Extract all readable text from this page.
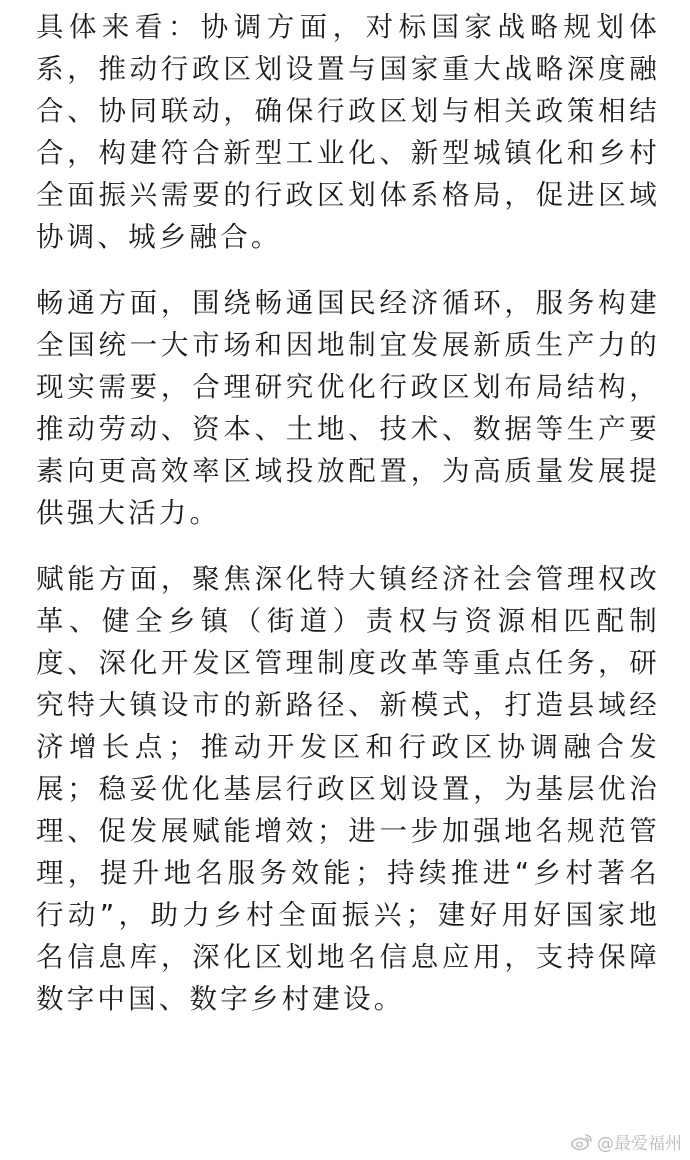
具体来看：协调方面，对标国家战略规划体系，推动行政区划设置与国家重大战略深度融合、协同联动，确保行政区划与相关政策相结合，构建符合新型工业化、新型城镇化和乡村全面振兴需要的行政区划体系格局，促进区域协调、城乡融合。

畅通方面，围绕畅通国民经济循环，服务构建全国统一大市场和因地制宜发展新质生产力的现实需要，合理研究优化行政区划布局结构，推动劳动、资本、土地、技术、数据等生产要素向更高效率区域投放配置，为高质量发展提供强大活力。

赋能方面，聚焦深化特大镇经济社会管理权改革、健全乡镇（街道）责权与资源相匹配制度、深化开发区管理制度改革等重点任务，研究特大镇设市的新路径、新模式，打造县域经济增长点；推动开发区和行政区协调融合发展；稳妥优化基层行政区划设置，为基层优治理、促发展赋能增效；进一步加强地名规范管理，提升地名服务效能；持续推进“乡村著名行动”，助力乡村全面振兴；建好用好国家地名信息库，深化区划地名信息应用，支持保障数字中国、数字乡村建设。

@最爱福州
